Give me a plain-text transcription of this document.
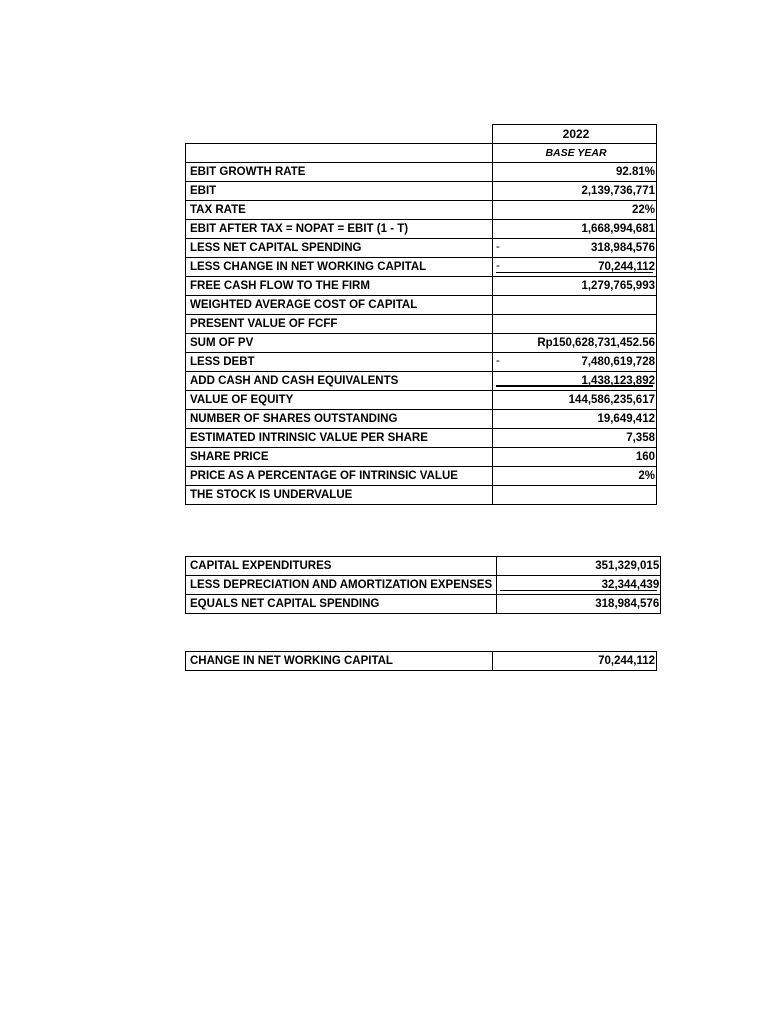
	2022
	BASE YEAR
EBIT GROWTH RATE	92.81%
EBIT	2,139,736,771
TAX RATE	22%
EBIT AFTER TAX = NOPAT = EBIT (1 - T)	1,668,994,681
LESS NET CAPITAL SPENDING	- 318,984,576
LESS CHANGE IN NET WORKING CAPITAL	- 70,244,112

FREE CASH FLOW TO THE FIRM	1,279,765,993
WEIGHTED AVERAGE COST OF CAPITAL	
PRESENT VALUE OF FCFF	
SUM OF PV	Rp150,628,731,452.56
LESS DEBT	- 7,480,619,728
ADD CASH AND CASH EQUIVALENTS	1,438,123,892

VALUE OF EQUITY	144,586,235,617
NUMBER OF SHARES OUTSTANDING	19,649,412
ESTIMATED INTRINSIC VALUE PER SHARE	7,358
SHARE PRICE	160
PRICE AS A PERCENTAGE OF INTRINSIC VALUE	2%
THE STOCK IS UNDERVALUE	
CAPITAL EXPENDITURES	351,329,015
LESS DEPRECIATION AND AMORTIZATION EXPENSES	32,344,439

EQUALS NET CAPITAL SPENDING	318,984,576
CHANGE IN NET WORKING CAPITAL	70,244,112
